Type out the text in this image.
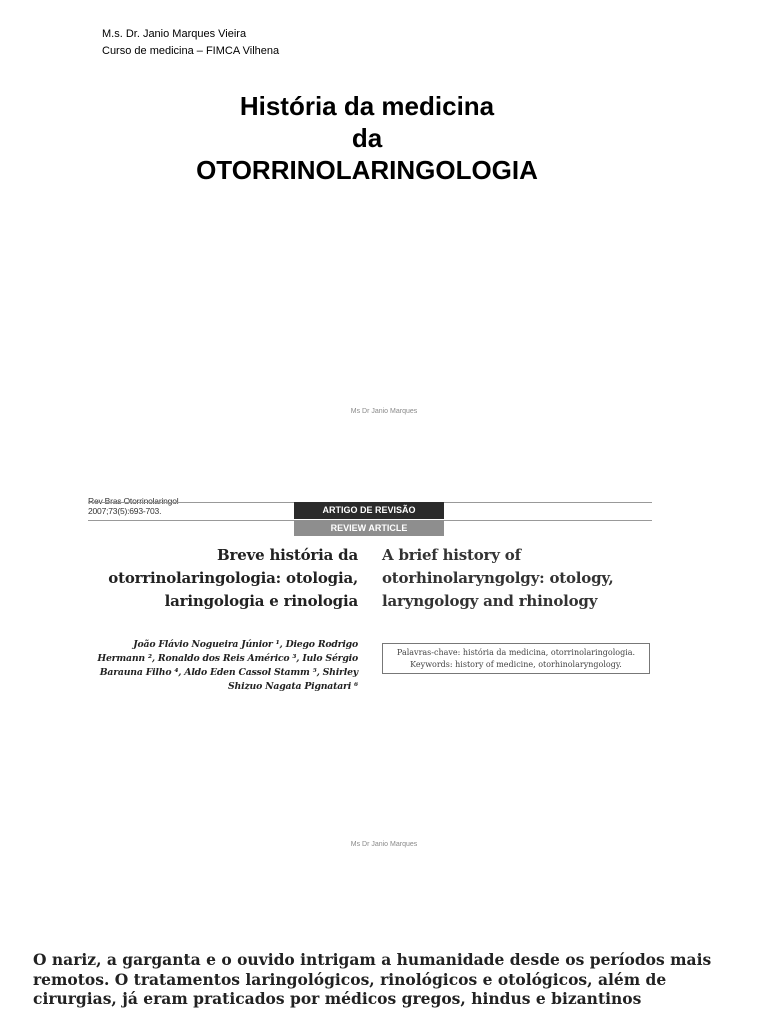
M.s. Dr. Janio Marques Vieira
Curso de medicina – FIMCA Vilhena
História da medicina
da
OTORRINOLARINGOLOGIA
Ms Dr Janio Marques
Rev Bras Otorrinolaringol
2007;73(5):693-703.	ARTIGO DE REVISÃO
REVIEW ARTICLE
Breve história da otorrinolaringologia: otologia, laringologia e rinologia
A brief history of otorhinolaryngolgy: otology, laryngology and rhinology
João Flávio Nogueira Júnior ¹, Diego Rodrigo Hermann ², Ronaldo dos Reis Américo ³, Iulo Sérgio Barauna Filho ⁴, Aldo Eden Cassol Stamm ⁵, Shirley Shizuo Nagata Pignatari ⁶
Palavras-chave: história da medicina, otorrinolaringologia.
Keywords: history of medicine, otorhinolaryngology.
Ms Dr Janio Marques
O nariz, a garganta e o ouvido intrigam a humanidade desde os períodos mais remotos. O tratamentos laringológicos, rinológicos e otológicos, além de cirurgias, já eram praticados por médicos gregos, hindus e bizantinos
